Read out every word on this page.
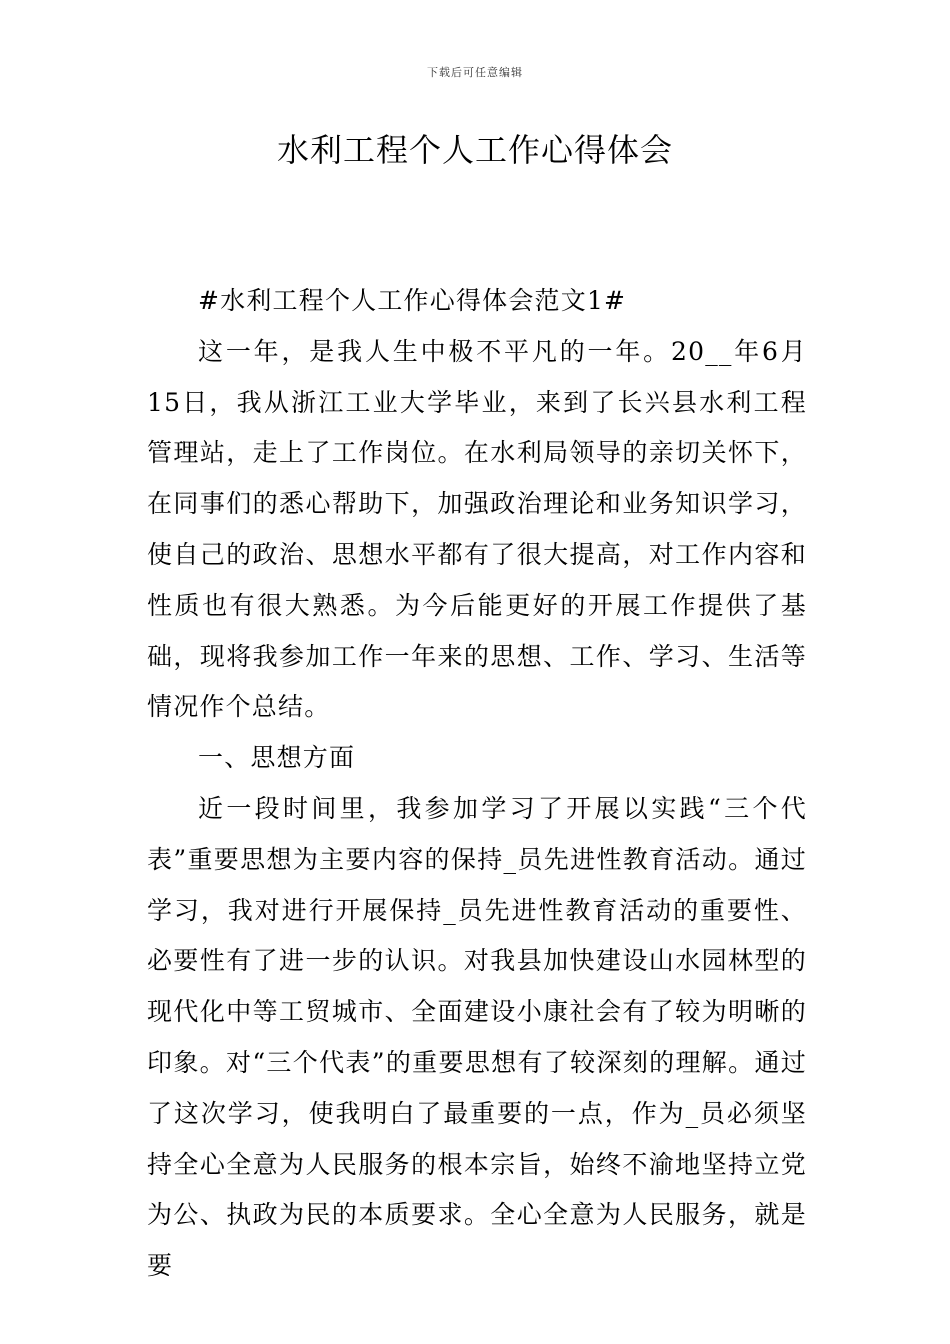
下载后可任意编辑
水利工程个人工作心得体会

#水利工程个人工作心得体会范文1#

这一年，是我人生中极不平凡的一年。20__年6月15日，我从浙江工业大学毕业，来到了长兴县水利工程管理站，走上了工作岗位。在水利局领导的亲切关怀下，在同事们的悉心帮助下，加强政治理论和业务知识学习，使自己的政治、思想水平都有了很大提高，对工作内容和性质也有很大熟悉。为今后能更好的开展工作提供了基础，现将我参加工作一年来的思想、工作、学习、生活等情况作个总结。

一、思想方面

近一段时间里，我参加学习了开展以实践“三个代表”重要思想为主要内容的保持_员先进性教育活动。通过学习，我对进行开展保持_员先进性教育活动的重要性、必要性有了进一步的认识。对我县加快建设山水园林型的现代化中等工贸城市、全面建设小康社会有了较为明晰的印象。对“三个代表”的重要思想有了较深刻的理解。通过了这次学习，使我明白了最重要的一点，作为_员必须坚持全心全意为人民服务的根本宗旨，始终不渝地坚持立党为公、执政为民的本质要求。全心全意为人民服务，就是要
